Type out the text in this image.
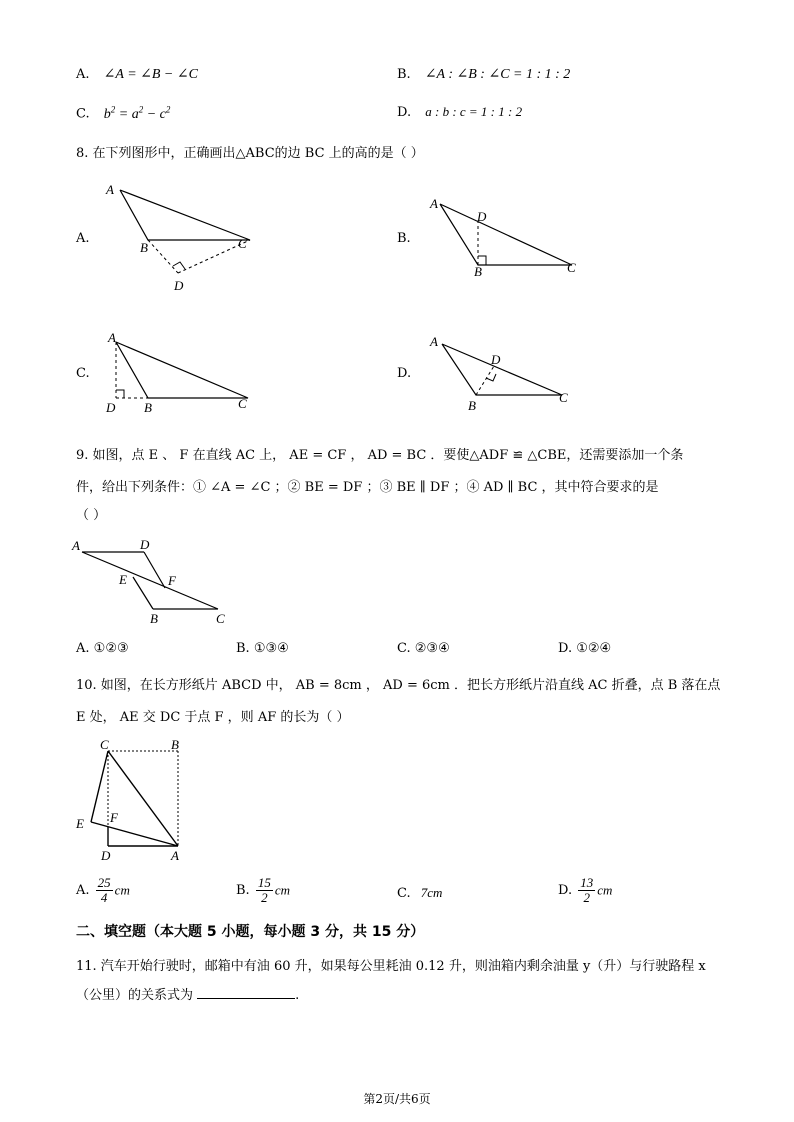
A. ∠A = ∠B − ∠C	B. ∠A : ∠B : ∠C = 1 : 1 : 2
C. $b^2 = a^2 - c^2$	D. a : b : c = 1 : 1 : 2
8. 在下列图形中，正确画出△ABC的边 BC 上的高的是（ ）
A.
A
B	C
D
B.
A
B	C
D
C.
A
B	C
D
D.
A
B
C
D
9. 如图，点 E 、 F 在直线 AC 上， AE = CF ， AD = BC ．要使△ADF ≌ △CBE，还需要添加一个条
件，给出下列条件：① ∠A = ∠C ；② BE = DF ；③ BE ∥ DF ；④ AD ∥ BC ，其中符合要求的是
（ ）
A	D
E	F
B	C
A. ①②③	B. ①③④	C. ②③④	D. ①②④
10. 如图，在长方形纸片 ABCD 中， AB = 8cm ， AD = 6cm ．把长方形纸片沿直线 AC 折叠，点 B 落在点
E 处， AE 交 DC 于点 F ，则 AF 的长为（ ）
C	B
E F
D	A
A. $\frac{25}{4}$ cm	B. $\frac{15}{2}$ cm	C. 7cm	D. $\frac{13}{2}$ cm
二、填空题（本大题 5 小题，每小题 3 分，共 15 分）
11. 汽车开始行驶时，邮箱中有油 60 升，如果每公里耗油 0.12 升，则油箱内剩余油量 y（升）与行驶路程 x
（公里）的关系式为	.
第2页/共6页
